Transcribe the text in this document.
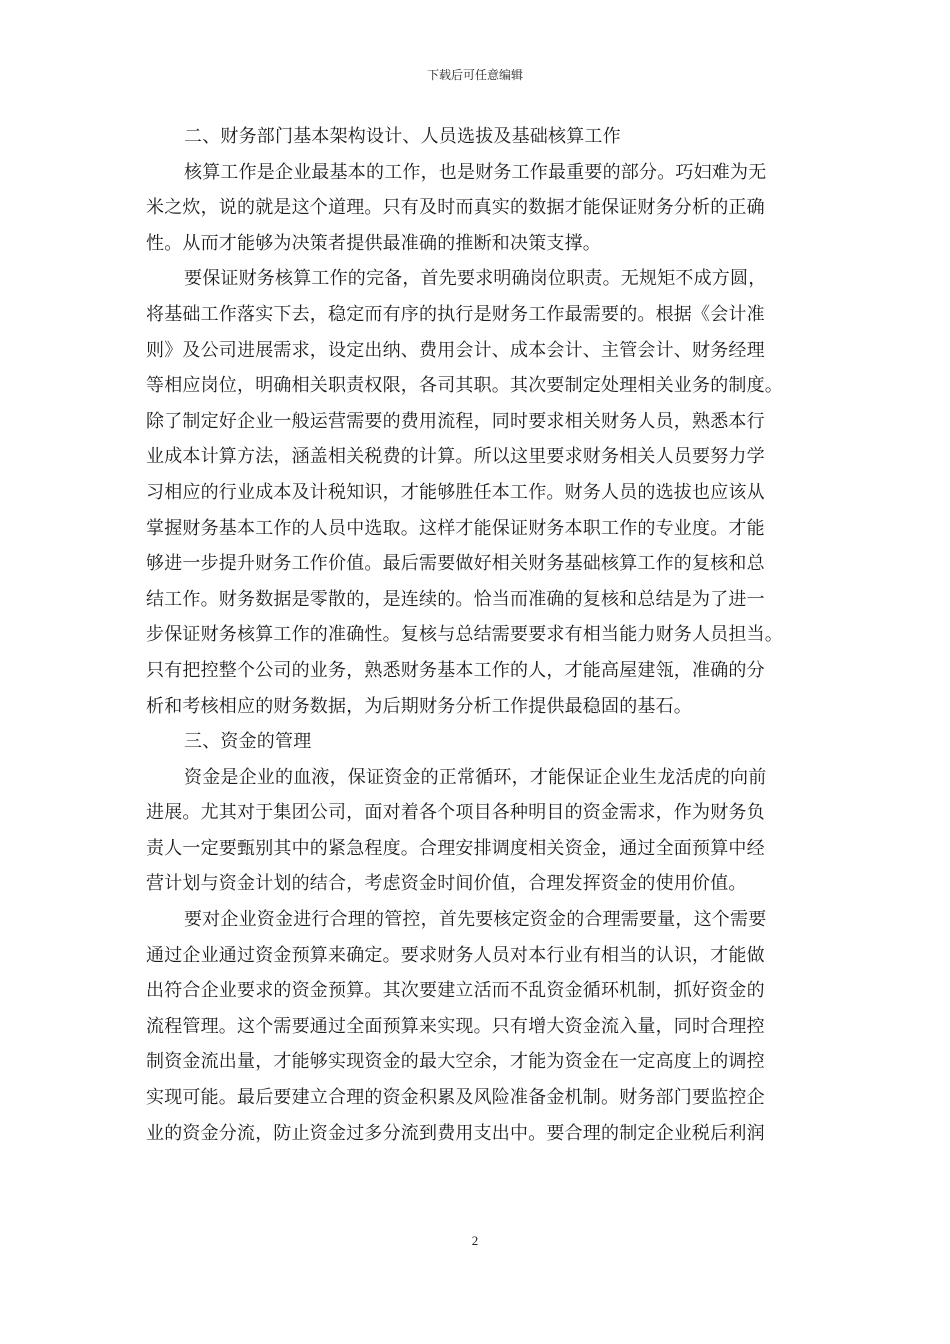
下载后可任意编辑
二、财务部门基本架构设计、人员选拔及基础核算工作
核算工作是企业最基本的工作，也是财务工作最重要的部分。巧妇难为无
米之炊，说的就是这个道理。只有及时而真实的数据才能保证财务分析的正确
性。从而才能够为决策者提供最准确的推断和决策支撑。
要保证财务核算工作的完备，首先要求明确岗位职责。无规矩不成方圆，
将基础工作落实下去，稳定而有序的执行是财务工作最需要的。根据《会计准
则》及公司进展需求，设定出纳、费用会计、成本会计、主管会计、财务经理
等相应岗位，明确相关职责权限，各司其职。其次要制定处理相关业务的制度。
除了制定好企业一般运营需要的费用流程，同时要求相关财务人员，熟悉本行
业成本计算方法，涵盖相关税费的计算。所以这里要求财务相关人员要努力学
习相应的行业成本及计税知识，才能够胜任本工作。财务人员的选拔也应该从
掌握财务基本工作的人员中选取。这样才能保证财务本职工作的专业度。才能
够进一步提升财务工作价值。最后需要做好相关财务基础核算工作的复核和总
结工作。财务数据是零散的，是连续的。恰当而准确的复核和总结是为了进一
步保证财务核算工作的准确性。复核与总结需要要求有相当能力财务人员担当。
只有把控整个公司的业务，熟悉财务基本工作的人，才能高屋建瓴，准确的分
析和考核相应的财务数据，为后期财务分析工作提供最稳固的基石。
三、资金的管理
资金是企业的血液，保证资金的正常循环，才能保证企业生龙活虎的向前
进展。尤其对于集团公司，面对着各个项目各种明目的资金需求，作为财务负
责人一定要甄别其中的紧急程度。合理安排调度相关资金，通过全面预算中经
营计划与资金计划的结合，考虑资金时间价值，合理发挥资金的使用价值。
要对企业资金进行合理的管控，首先要核定资金的合理需要量，这个需要
通过企业通过资金预算来确定。要求财务人员对本行业有相当的认识，才能做
出符合企业要求的资金预算。其次要建立活而不乱资金循环机制，抓好资金的
流程管理。这个需要通过全面预算来实现。只有增大资金流入量，同时合理控
制资金流出量，才能够实现资金的最大空余，才能为资金在一定高度上的调控
实现可能。最后要建立合理的资金积累及风险准备金机制。财务部门要监控企
业的资金分流，防止资金过多分流到费用支出中。要合理的制定企业税后利润
2
